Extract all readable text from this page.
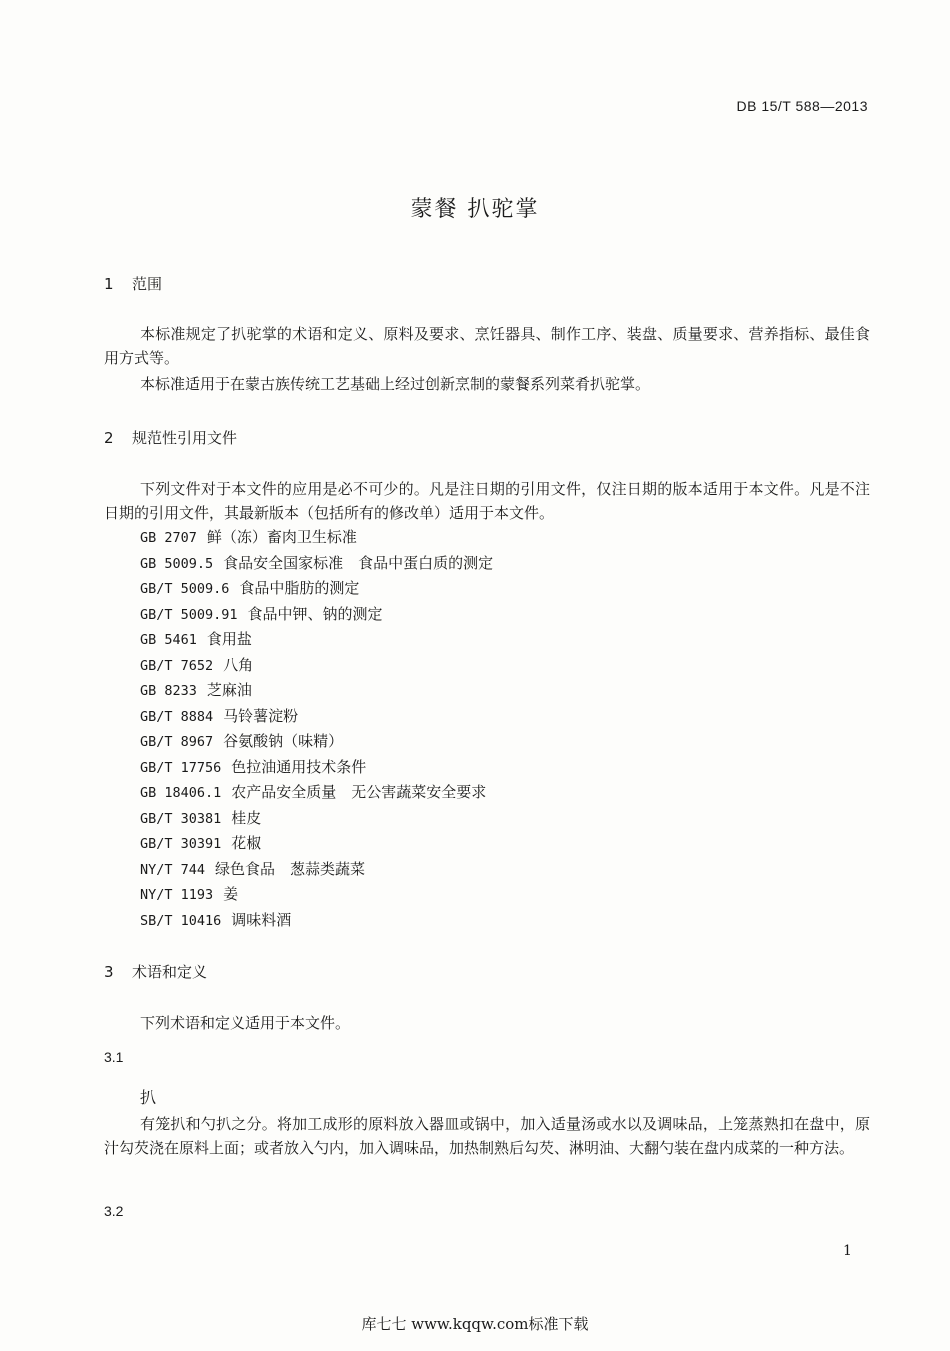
DB 15/T 588—2013
蒙餐 扒驼掌
1 范围
本标准规定了扒驼掌的术语和定义、原料及要求、烹饪器具、制作工序、装盘、质量要求、营养指标、最佳食用方式等。
本标准适用于在蒙古族传统工艺基础上经过创新烹制的蒙餐系列菜肴扒驼掌。
2 规范性引用文件
下列文件对于本文件的应用是必不可少的。凡是注日期的引用文件，仅注日期的版本适用于本文件。凡是不注日期的引用文件，其最新版本（包括所有的修改单）适用于本文件。
GB 2707 鲜（冻）畜肉卫生标准
GB 5009.5 食品安全国家标准　食品中蛋白质的测定
GB/T 5009.6 食品中脂肪的测定
GB/T 5009.91 食品中钾、钠的测定
GB 5461 食用盐
GB/T 7652 八角
GB 8233 芝麻油
GB/T 8884 马铃薯淀粉
GB/T 8967 谷氨酸钠（味精）
GB/T 17756 色拉油通用技术条件
GB 18406.1 农产品安全质量　无公害蔬菜安全要求
GB/T 30381 桂皮
GB/T 30391 花椒
NY/T 744 绿色食品　葱蒜类蔬菜
NY/T 1193 姜
SB/T 10416 调味料酒
3 术语和定义
下列术语和定义适用于本文件。
3.1
扒
有笼扒和勺扒之分。将加工成形的原料放入器皿或锅中，加入适量汤或水以及调味品，上笼蒸熟扣在盘中，原汁勾芡浇在原料上面；或者放入勺内，加入调味品，加热制熟后勾芡、淋明油、大翻勺装在盘内成菜的一种方法。
3.2
1
库七七 www.kqqw.com标准下载
